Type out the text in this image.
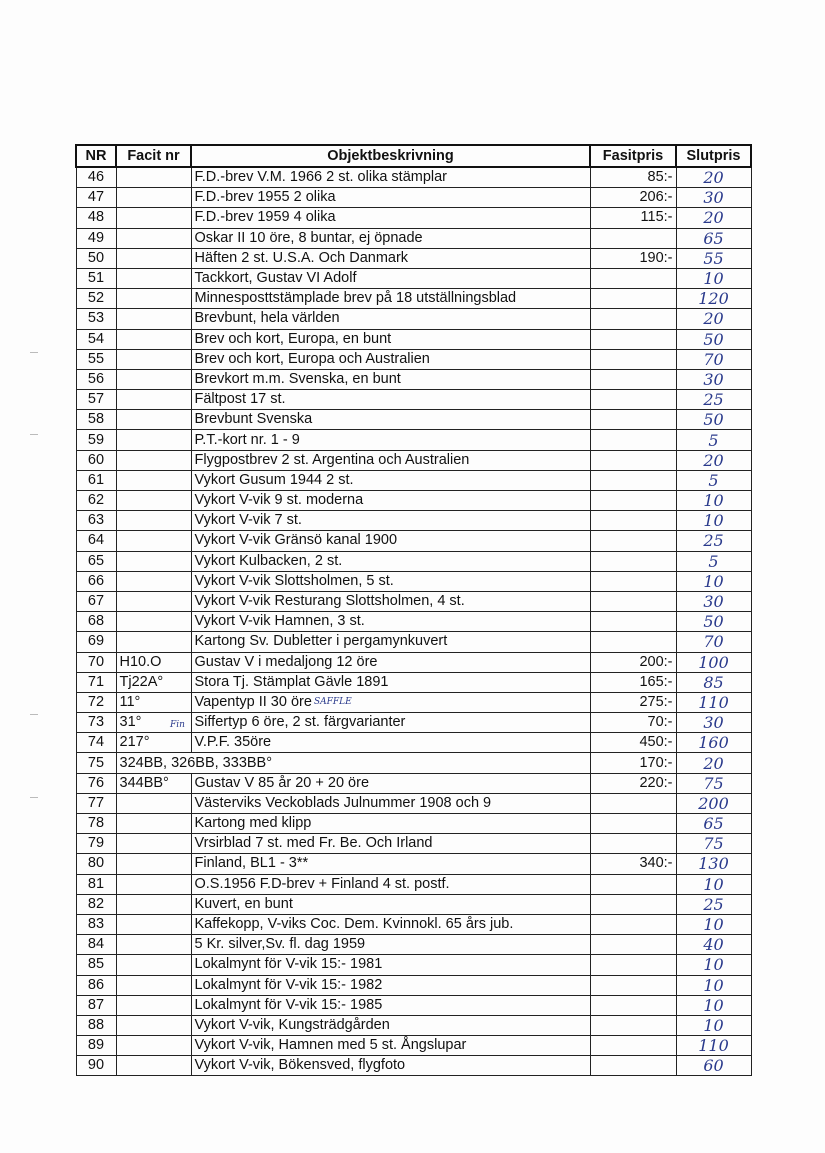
NR	Facit nr	Objektbeskrivning	Fasitpris	Slutpris
46		F.D.-brev V.M. 1966 2 st. olika stämplar	85:-	20
47		F.D.-brev 1955 2 olika	206:-	30
48		F.D.-brev 1959 4 olika	115:-	20
49		Oskar II 10 öre, 8 buntar, ej öpnade		65
50		Häften 2 st. U.S.A. Och Danmark	190:-	55
51		Tackkort, Gustav VI Adolf		10
52		Minnesposttstämplade brev på 18 utställningsblad		120
53		Brevbunt, hela världen		20
54		Brev och kort, Europa, en bunt		50
55		Brev och kort, Europa och Australien		70
56		Brevkort m.m. Svenska, en bunt		30
57		Fältpost 17 st.		25
58		Brevbunt Svenska		50
59		P.T.-kort nr. 1 - 9		5
60		Flygpostbrev 2 st. Argentina och Australien		20
61		Vykort Gusum 1944 2 st.		5
62		Vykort V-vik 9 st. moderna		10
63		Vykort V-vik 7 st.		10
64		Vykort V-vik Gränsö kanal 1900		25
65		Vykort Kulbacken, 2 st.		5
66		Vykort V-vik Slottsholmen, 5 st.		10
67		Vykort V-vik Resturang Slottsholmen, 4 st.		30
68		Vykort V-vik Hamnen, 3 st.		50
69		Kartong Sv. Dubletter i pergamynkuvert		70
70	H10.O	Gustav V i medaljong 12 öre	200:-	100
71	Tj22A°	Stora Tj. Stämplat Gävle 1891	165:-	85
72	11°	Vapentyp II 30 öre	275:-	110
73	31°	Siffertyp 6 öre, 2 st. färgvarianter	70:-	30
74	217°	V.P.F. 35öre	450:-	160
75	324BB, 326BB, 333BB°		170:-	20
76	344BB°	Gustav V 85 år 20 + 20 öre	220:-	75
77		Västerviks Veckoblads Julnummer 1908 och 9		200
78		Kartong med klipp		65
79		Vrsirblad 7 st. med Fr. Be. Och Irland		75
80		Finland, BL1 - 3**	340:-	130
81		O.S.1956 F.D-brev + Finland 4 st. postf.		10
82		Kuvert, en bunt		25
83		Kaffekopp, V-viks Coc. Dem. Kvinnokl. 65 års jub.		10
84		5 Kr. silver,Sv. fl. dag 1959		40
85		Lokalmynt för V-vik 15:- 1981		10
86		Lokalmynt för V-vik 15:- 1982		10
87		Lokalmynt för V-vik 15:- 1985		10
88		Vykort V-vik, Kungsträdgården		10
89		Vykort V-vik, Hamnen med 5 st. Ångslupar		110
90		Vykort V-vik, Bökensved, flygfoto		60
SAFFLE
Fin
